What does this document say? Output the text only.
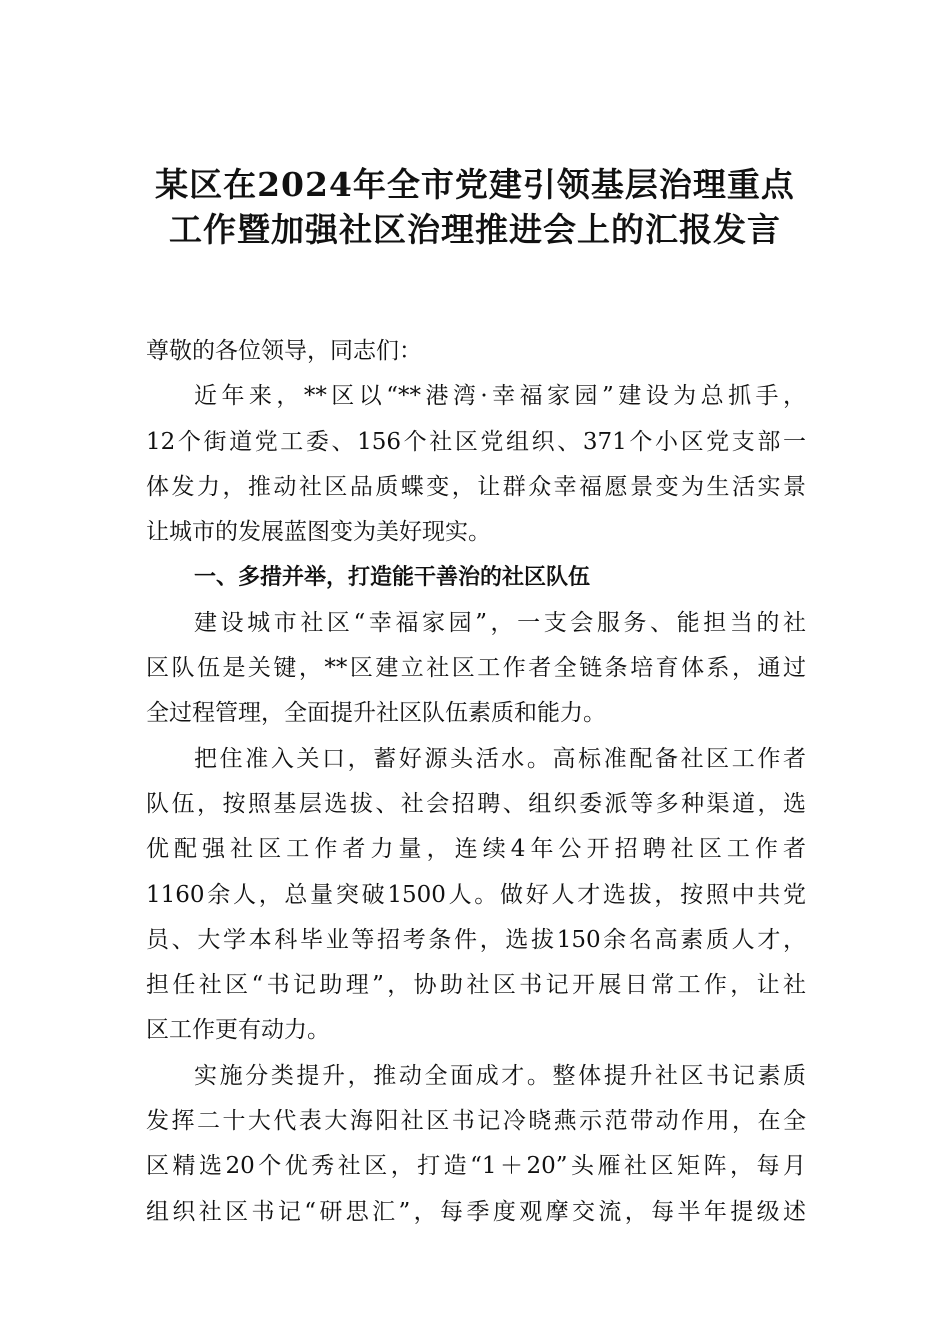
某区在2024年全市党建引领基层治理重点
工作暨加强社区治理推进会上的汇报发言
尊敬的各位领导，同志们：
近年来，**区以“**港湾·幸福家园”建设为总抓手，
12个街道党工委、156个社区党组织、371个小区党支部一
体发力，推动社区品质蝶变，让群众幸福愿景变为生活实景
让城市的发展蓝图变为美好现实。
一、多措并举，打造能干善治的社区队伍
建设城市社区“幸福家园”，一支会服务、能担当的社
区队伍是关键，**区建立社区工作者全链条培育体系，通过
全过程管理，全面提升社区队伍素质和能力。
把住准入关口，蓄好源头活水。高标准配备社区工作者
队伍，按照基层选拔、社会招聘、组织委派等多种渠道，选
优配强社区工作者力量，连续4年公开招聘社区工作者
1160余人，总量突破1500人。做好人才选拔，按照中共党
员、大学本科毕业等招考条件，选拔150余名高素质人才，
担任社区“书记助理”，协助社区书记开展日常工作，让社
区工作更有动力。
实施分类提升，推动全面成才。整体提升社区书记素质
发挥二十大代表大海阳社区书记冷晓燕示范带动作用，在全
区精选20个优秀社区，打造“1＋20”头雁社区矩阵，每月
组织社区书记“研思汇”，每季度观摩交流，每半年提级述
